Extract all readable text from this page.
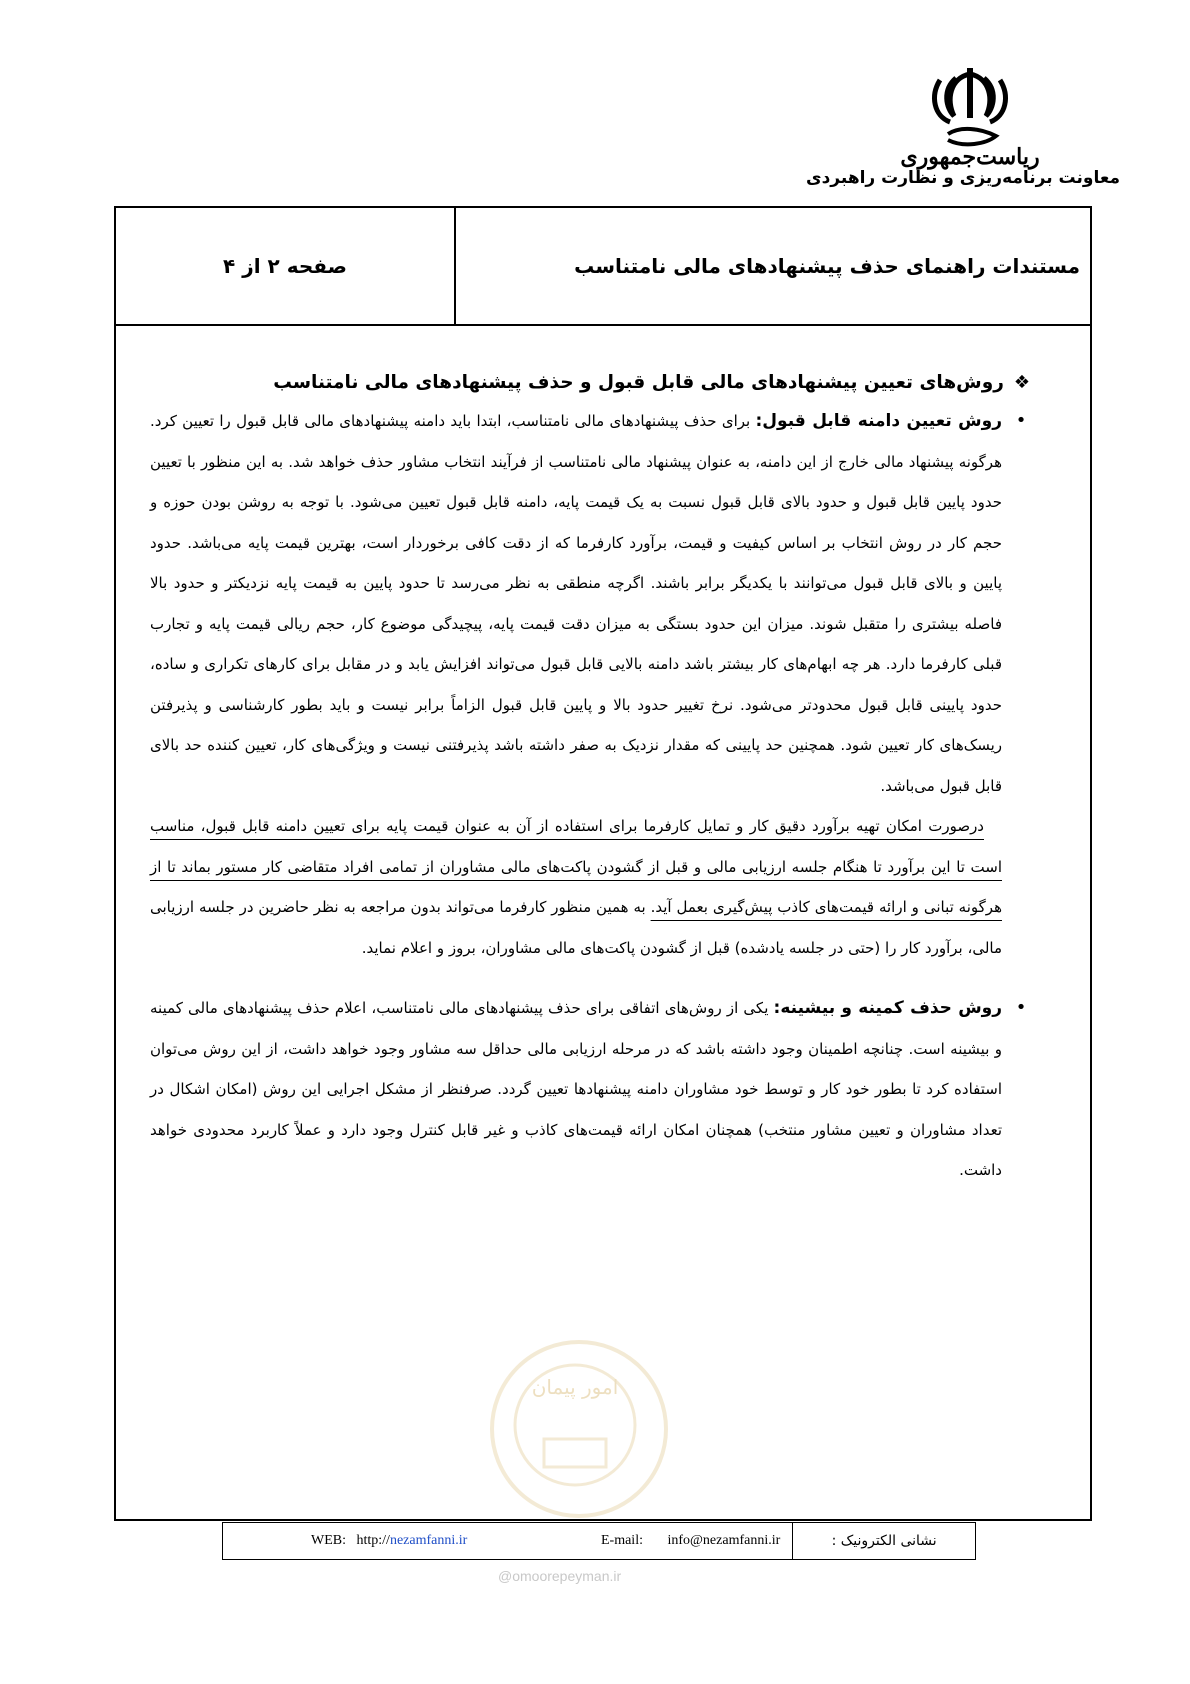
ریاست‌جمهوری
معاونت برنامه‌ریزی و نظارت راهبردی
صفحه ۲ از ۴	مستندات راهنمای حذف پیشنهادهای مالی نامتناسب
امور پیمان
❖
روش‌های تعیین پیشنهادهای مالی قابل قبول و حذف پیشنهادهای مالی نامتناسب
•
روش تعیین دامنه قابل قبول: برای حذف پیشنهادهای مالی نامتناسب، ابتدا باید دامنه پیشنهادهای مالی قابل قبول را تعیین کرد. هرگونه پیشنهاد مالی خارج از این دامنه، به عنوان پیشنهاد مالی نامتناسب از فرآیند انتخاب مشاور حذف خواهد شد. به این منظور با تعیین حدود پایین قابل قبول و حدود بالای قابل قبول نسبت به یک قیمت پایه، دامنه قابل قبول تعیین می‌شود. با توجه به روشن بودن حوزه و حجم کار در روش انتخاب بر اساس کیفیت و قیمت، برآورد کارفرما که از دقت کافی برخوردار است، بهترین قیمت پایه می‌باشد. حدود پایین و بالای قابل قبول می‌توانند با یکدیگر برابر باشند. اگرچه منطقی به نظر می‌رسد تا حدود پایین به قیمت پایه نزدیکتر و حدود بالا فاصله بیشتری را متقبل شوند. میزان این حدود بستگی به میزان دقت قیمت پایه، پیچیدگی موضوع کار، حجم ریالی قیمت پایه و تجارب قبلی کارفرما دارد. هر چه ابهام‌های کار بیشتر باشد دامنه بالایی قابل قبول می‌تواند افزایش یابد و در مقابل برای کارهای تکراری و ساده، حدود پایینی قابل قبول محدودتر می‌شود. نرخ تغییر حدود بالا و پایین قابل قبول الزاماً برابر نیست و باید بطور کارشناسی و پذیرفتن ریسک‌های کار تعیین شود. همچنین حد پایینی که مقدار نزدیک به صفر داشته باشد پذیرفتنی نیست و ویژگی‌های کار، تعیین کننده حد بالای قابل قبول می‌باشد.
درصورت امکان تهیه برآورد دقیق کار و تمایل کارفرما برای استفاده از آن به عنوان قیمت پایه برای تعیین دامنه قابل قبول، مناسب است تا این برآورد تا هنگام جلسه ارزیابی مالی و قبل از گشودن پاکت‌های مالی مشاوران از تمامی افراد متقاضی کار مستور بماند تا از هرگونه تبانی و ارائه قیمت‌های کاذب پیش‌گیری بعمل آید. به همین منظور کارفرما می‌تواند بدون مراجعه به نظر حاضرین در جلسه ارزیابی مالی، برآورد کار را (حتی در جلسه یادشده) قبل از گشودن پاکت‌های مالی مشاوران، بروز و اعلام نماید.
•
روش حذف کمینه و بیشینه: یکی از روش‌های اتفاقی برای حذف پیشنهادهای مالی نامتناسب، اعلام حذف پیشنهادهای مالی کمینه و بیشینه است. چنانچه اطمینان وجود داشته باشد که در مرحله ارزیابی مالی حداقل سه مشاور وجود خواهد داشت، از این روش می‌توان استفاده کرد تا بطور خود کار و توسط خود مشاوران دامنه پیشنهادها تعیین گردد. صرفنظر از مشکل اجرایی این روش (امکان اشکال در تعداد مشاوران و تعیین مشاور منتخب) همچنان امکان ارائه قیمت‌های کاذب و غیر قابل کنترل وجود دارد و عملاً کاربرد محدودی خواهد داشت.
WEB:   http:// nezamfanni.ir	E-mail: info@nezamfanni.ir	نشانی الکترونیک :
@omoorepeyman.ir
